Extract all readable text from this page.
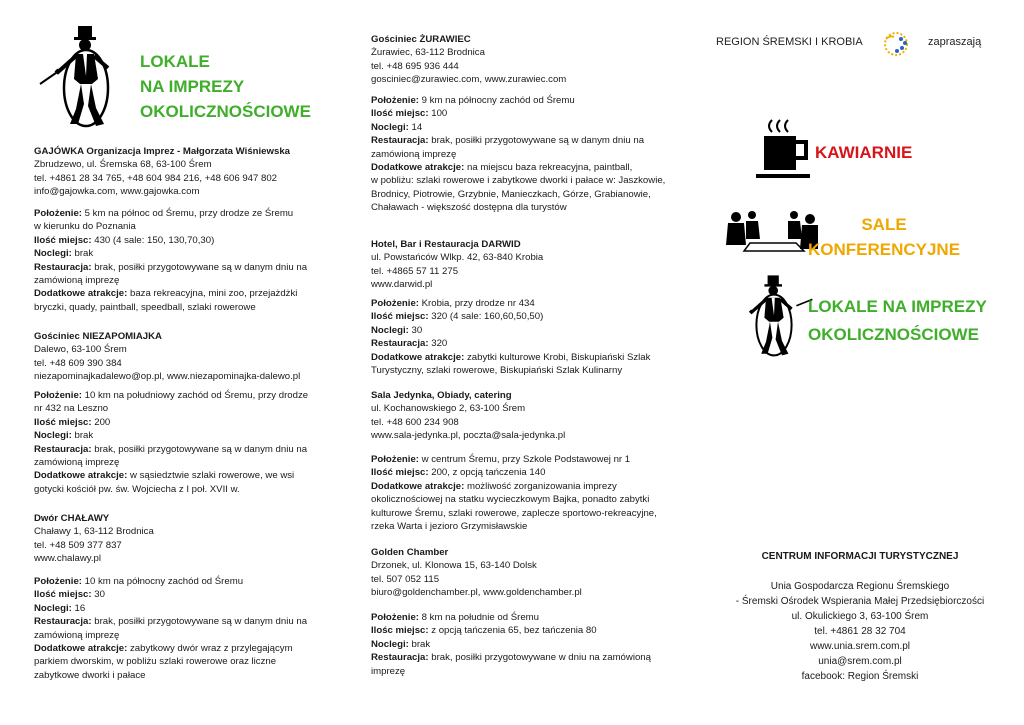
LOKALE
NA IMPREZY
OKOLICZNOŚCIOWE

GAJÓWKA Organizacja Imprez - Małgorzata Wiśniewska

Zbrudzewo, ul. Śremska 68, 63-100 Śrem

tel. +4861 28 34 765, +48 604 984 216, +48 606 947 802

info@gajowka.com, www.gajowka.com

Położenie: 5 km na północ od Śremu, przy drodze ze Śremu

w kierunku do Poznania

Ilość miejsc: 430 (4 sale: 150, 130,70,30)

Noclegi: brak

Restauracja: brak, posiłki przygotowywane są w danym dniu na

zamówioną imprezę

Dodatkowe atrakcje: baza rekreacyjna, mini zoo, przejażdżki

bryczki, quady, paintball, speedball, szlaki rowerowe

Gościniec NIEZAPOMIAJKA

Dalewo, 63-100 Śrem

tel. +48 609 390 384

niezapominajkadalewo@op.pl, www.niezapominajka-dalewo.pl

Położenie: 10 km na południowy zachód od Śremu, przy drodze

nr 432 na Leszno

Ilość miejsc: 200

Noclegi: brak

Restauracja: brak, posiłki przygotowywane są w danym dniu na

zamówioną imprezę

Dodatkowe atrakcje: w sąsiedztwie szlaki rowerowe, we wsi

gotycki kościół pw. św. Wojciecha z I poł. XVII w.

Dwór CHAŁAWY

Chaławy 1, 63-112 Brodnica

tel. +48 509 377 837

www.chalawy.pl

Położenie: 10 km na północny zachód od Śremu

Ilość miejsc: 30

Noclegi: 16

Restauracja: brak, posiłki przygotowywane są w danym dniu na

zamówioną imprezę

Dodatkowe atrakcje: zabytkowy dwór wraz z przylegającym

parkiem dworskim, w pobliżu szlaki rowerowe oraz liczne

zabytkowe dworki i pałace

Gościniec ŻURAWIEC

Żurawiec, 63-112 Brodnica

tel. +48 695 936 444

gosciniec@zurawiec.com, www.zurawiec.com

Położenie: 9 km na północny zachód od Śremu

Ilość miejsc: 100

Noclegi: 14

Restauracja: brak, posiłki przygotowywane są w danym dniu na

zamówioną imprezę

Dodatkowe atrakcje: na miejscu baza rekreacyjna, paintball,

w pobliżu: szlaki rowerowe i zabytkowe dworki i pałace w: Jaszkowie,

Brodnicy, Piotrowie, Grzybnie, Manieczkach, Górze, Grabianowie,

Chaławach - większość dostępna dla turystów

Hotel, Bar i Restauracja DARWID

ul. Powstańców Wlkp. 42, 63-840 Krobia

tel. +4865 57 11 275

www.darwid.pl

Położenie: Krobia, przy drodze nr 434

Ilość miejsc: 320 (4 sale: 160,60,50,50)

Noclegi: 30

Restauracja: 320

Dodatkowe atrakcje: zabytki kulturowe Krobi, Biskupiański Szlak

Turystyczny, szlaki rowerowe, Biskupiański Szlak Kulinarny

Sala Jedynka, Obiady, catering

ul. Kochanowskiego 2, 63-100 Śrem

tel. +48 600 234 908

www.sala-jedynka.pl, poczta@sala-jedynka.pl

Położenie: w centrum Śremu, przy Szkole Podstawowej nr 1

Ilość miejsc: 200, z opcją tańczenia 140

Dodatkowe atrakcje: możliwość zorganizowania imprezy

okolicznościowej na statku wycieczkowym Bajka, ponadto zabytki

kulturowe Śremu, szlaki rowerowe, zaplecze sportowo-rekreacyjne,

rzeka Warta i jezioro Grzymisławskie

Golden Chamber

Drzonek, ul. Klonowa 15, 63-140 Dolsk

tel. 507 052 115

biuro@goldenchamber.pl, www.goldenchamber.pl

Położenie: 8 km na południe od Śremu

Ilośc miejsc: z opcją tańczenia 65, bez tańczenia 80

Noclegi: brak

Restauracja: brak, posiłki przygotowywane w dniu na zamówioną

imprezę

REGION ŚREMSKI I KROBIA	zapraszają
KAWIARNIE
SALE
KONFERENCYJNE
LOKALE NA IMPREZY
OKOLICZNOŚCIOWE
CENTRUM INFORMACJI TURYSTYCZNEJ
Unia Gospodarcza Regionu Śremskiego
- Śremski Ośrodek Wspierania Małej Przedsiębiorczości
ul. Okulickiego 3, 63-100 Śrem
tel. +4861 28 32 704
www.unia.srem.com.pl
unia@srem.com.pl
facebook: Region Śremski
